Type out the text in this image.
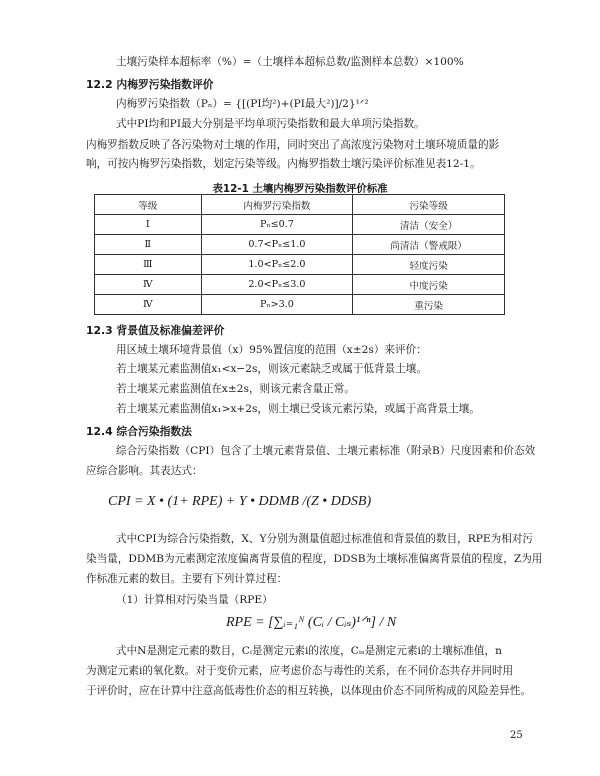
土壤污染样本超标率（%）=（土壤样本超标总数/监测样本总数）×100%
12.2 内梅罗污染指数评价
内梅罗污染指数（Pₙ）= {[(PI均²)+(PI最大²)]/2}¹ᐟ²
式中PI均和PI最大分别是平均单项污染指数和最大单项污染指数。
内梅罗指数反映了各污染物对土壤的作用，同时突出了高浓度污染物对土壤环境质量的影
响，可按内梅罗污染指数，划定污染等级。内梅罗指数土壤污染评价标准见表12-1。
表12-1 土壤内梅罗污染指数评价标准
等级	内梅罗污染指数	污染等级
Ⅰ	Pₙ≤0.7	清洁（安全）
Ⅱ	0.7<Pₙ≤1.0	尚清洁（警戒限）
Ⅲ	1.0<Pₙ≤2.0	轻度污染
Ⅳ	2.0<Pₙ≤3.0	中度污染
Ⅳ	Pₙ>3.0	重污染
12.3 背景值及标准偏差评价
用区域土壤环境背景值（x）95%置信度的范围（x±2s）来评价：
若土壤某元素监测值x₁<x−2s，则该元素缺乏或属于低背景土壤。
若土壤某元素监测值在x±2s，则该元素含量正常。
若土壤某元素监测值x₁>x+2s，则土壤已受该元素污染，或属于高背景土壤。
12.4 综合污染指数法
综合污染指数（CPI）包含了土壤元素背景值、土壤元素标准（附录B）尺度因素和价态效
应综合影响。其表达式：
CPI = X • (1+ RPE) + Y • DDMB /(Z • DDSB)
式中CPI为综合污染指数，X、Y分别为测量值超过标准值和背景值的数目，RPE为相对污
染当量，DDMB为元素测定浓度偏离背景值的程度，DDSB为土壤标准偏离背景值的程度，Z为用
作标准元素的数目。主要有下列计算过程：
（1）计算相对污染当量（RPE）
RPE = [∑ᵢ₌₁ᴺ (Cᵢ / Cᵢₛ)¹ᐟⁿ] / N
式中N是测定元素的数目，Cᵢ是测定元素i的浓度，Cᵢₛ是测定元素i的土壤标准值，n
为测定元素i的氧化数。对于变价元素，应考虑价态与毒性的关系，在不同价态共存并同时用
于评价时，应在计算中注意高低毒性价态的相互转换，以体现由价态不同所构成的风险差异性。
25
